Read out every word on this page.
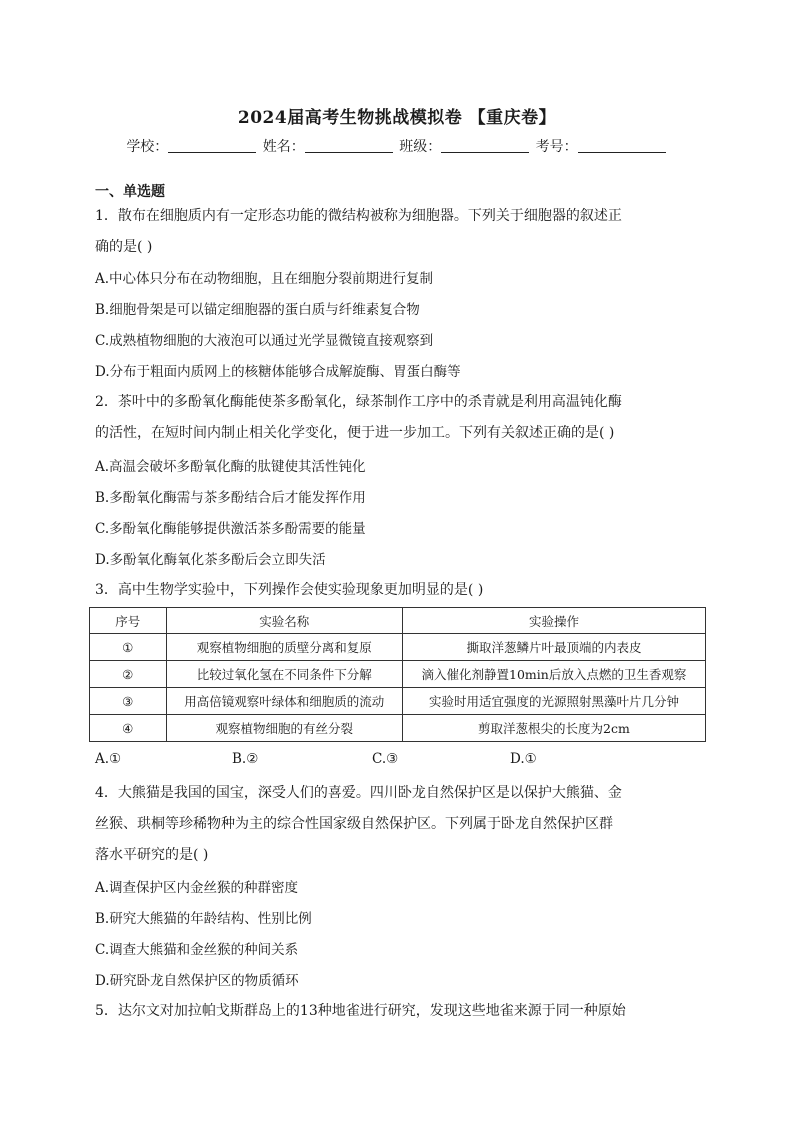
2024届高考生物挑战模拟卷 【重庆卷】
学校：	姓名：	班级：	考号：
一、单选题
1．散布在细胞质内有一定形态功能的微结构被称为细胞器。下列关于细胞器的叙述正
确的是( )
A.中心体只分布在动物细胞，且在细胞分裂前期进行复制
B.细胞骨架是可以锚定细胞器的蛋白质与纤维素复合物
C.成熟植物细胞的大液泡可以通过光学显微镜直接观察到
D.分布于粗面内质网上的核糖体能够合成解旋酶、胃蛋白酶等
2．茶叶中的多酚氧化酶能使茶多酚氧化，绿茶制作工序中的杀青就是利用高温钝化酶
的活性，在短时间内制止相关化学变化，便于进一步加工。下列有关叙述正确的是( )
A.高温会破坏多酚氧化酶的肽键使其活性钝化
B.多酚氧化酶需与茶多酚结合后才能发挥作用
C.多酚氧化酶能够提供激活茶多酚需要的能量
D.多酚氧化酶氧化茶多酚后会立即失活
3．高中生物学实验中，下列操作会使实验现象更加明显的是( )
序号	实验名称	实验操作
①	观察植物细胞的质壁分离和复原	撕取洋葱鳞片叶最顶端的内表皮
②	比较过氧化氢在不同条件下分解	滴入催化剂静置10min后放入点燃的卫生香观察
③	用高倍镜观察叶绿体和细胞质的流动	实验时用适宜强度的光源照射黑藻叶片几分钟
④	观察植物细胞的有丝分裂	剪取洋葱根尖的长度为2cm
A.①	B.②	C.③	D.①
4．大熊猫是我国的国宝，深受人们的喜爱。四川卧龙自然保护区是以保护大熊猫、金
丝猴、珙桐等珍稀物种为主的综合性国家级自然保护区。下列属于卧龙自然保护区群
落水平研究的是( )
A.调查保护区内金丝猴的种群密度
B.研究大熊猫的年龄结构、性别比例
C.调查大熊猫和金丝猴的种间关系
D.研究卧龙自然保护区的物质循环
5．达尔文对加拉帕戈斯群岛上的13种地雀进行研究，发现这些地雀来源于同一种原始
